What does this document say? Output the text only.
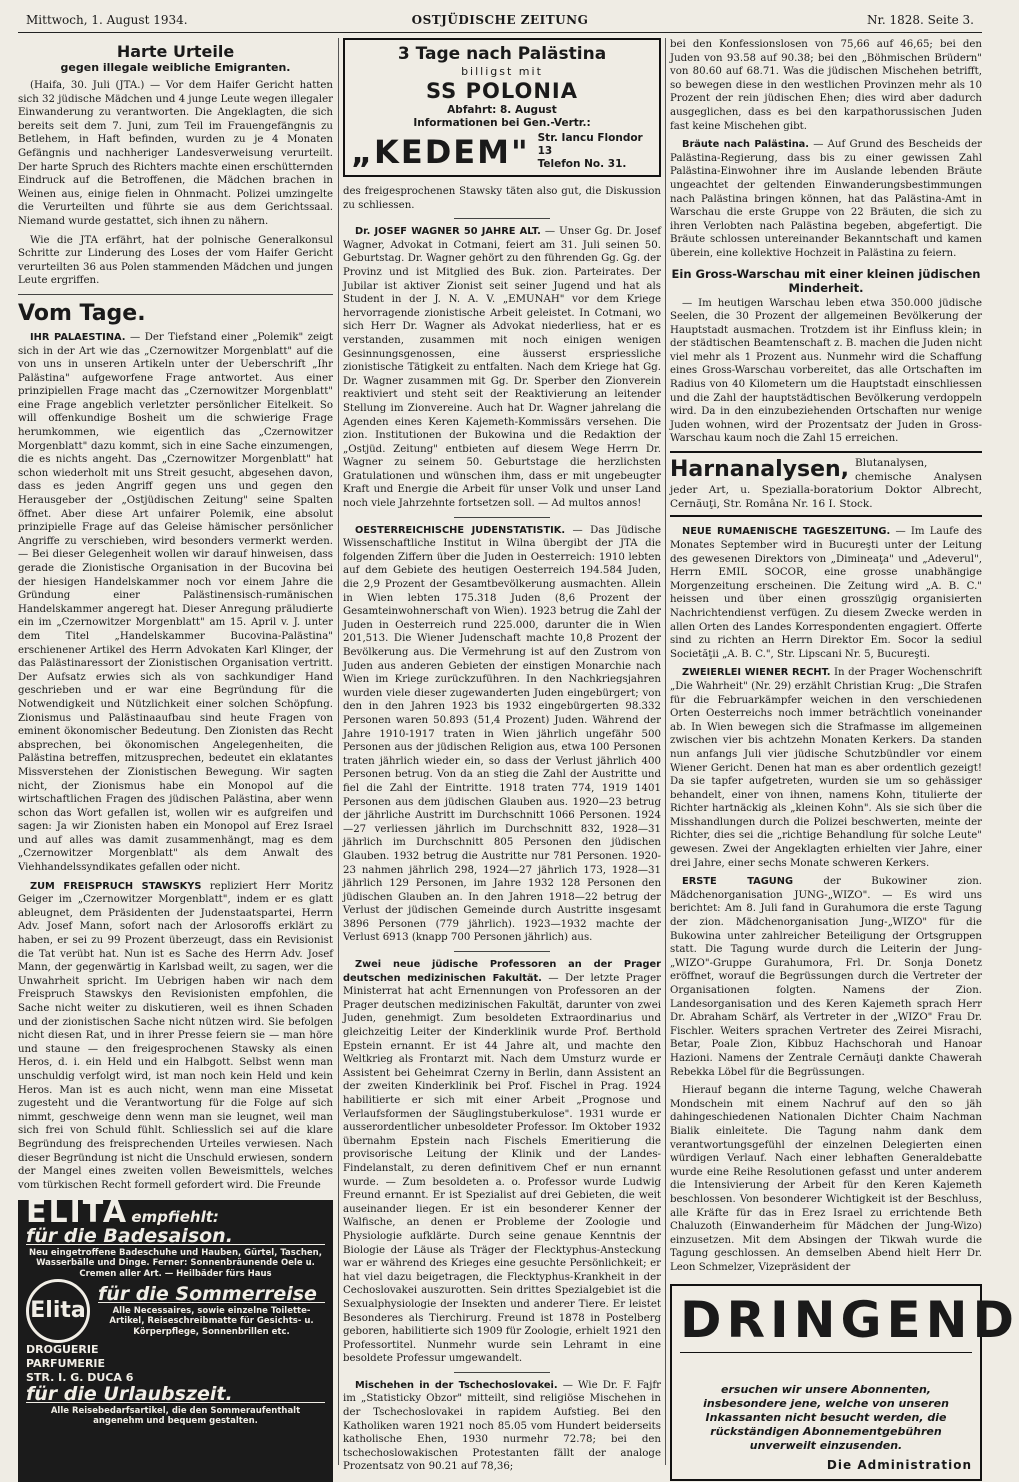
Mittwoch, 1. August 1934.	OSTJÜDISCHE ZEITUNG	Nr. 1828. Seite 3.
Harte Urteile
gegen illegale weibliche Emigranten.

(Haifa, 30. Juli (JTA.) — Vor dem Haifer Gericht hatten sich 32 jüdische Mädchen und 4 junge Leute wegen illegaler Einwanderung zu verantworten. Die Angeklagten, die sich bereits seit dem 7. Juni, zum Teil im Frauengefängnis zu Betlehem, in Haft befinden, wurden zu je 4 Monaten Gefängnis und nachheriger Landesverweisung verurteilt. Der harte Spruch des Richters machte einen erschütternden Eindruck auf die Betroffenen, die Mädchen brachen in Weinen aus, einige fielen in Ohnmacht. Polizei umzingelte die Verurteilten und führte sie aus dem Gerichtssaal. Niemand wurde gestattet, sich ihnen zu nähern.

Wie die JTA erfährt, hat der polnische Generalkonsul Schritte zur Linderung des Loses der vom Haifer Gericht verurteilten 36 aus Polen stammenden Mädchen und jungen Leute ergriffen.

Vom Tage.

IHR PALAESTINA. — Der Tiefstand einer „Polemik" zeigt sich in der Art wie das „Czernowitzer Morgenblatt" auf die von uns in unseren Artikeln unter der Ueberschrift „Ihr Palästina" aufgeworfene Frage antwortet. Aus einer prinzipiellen Frage macht das „Czernowitzer Morgenblatt" eine Frage angeblich verletzter persönlicher Eitelkeit. So will offenkundige Bosheit um die schwierige Frage herumkommen, wie eigentlich das „Czernowitzer Morgenblatt" dazu kommt, sich in eine Sache einzumengen, die es nichts angeht. Das „Czernowitzer Morgenblatt" hat schon wiederholt mit uns Streit gesucht, abgesehen davon, dass es jeden Angriff gegen uns und gegen den Herausgeber der „Ostjüdischen Zeitung" seine Spalten öffnet. Aber diese Art unfairer Polemik, eine absolut prinzipielle Frage auf das Geleise hämischer persönlicher Angriffe zu verschieben, wird besonders vermerkt werden. — Bei dieser Gelegenheit wollen wir darauf hinweisen, dass gerade die Zionistische Organisation in der Bucovina bei der hiesigen Handelskammer noch vor einem Jahre die Gründung einer Palästinensisch-rumänischen Handelskammer angeregt hat. Dieser Anregung präludierte ein im „Czernowitzer Morgenblatt" am 15. April v. J. unter dem Titel „Handelskammer Bucovina-Palästina" erschienener Artikel des Herrn Advokaten Karl Klinger, der das Palästinaressort der Zionistischen Organisation vertritt. Der Aufsatz erwies sich als von sachkundiger Hand geschrieben und er war eine Begründung für die Notwendigkeit und Nützlichkeit einer solchen Schöpfung. Zionismus und Palästinaaufbau sind heute Fragen von eminent ökonomischer Bedeutung. Den Zionisten das Recht absprechen, bei ökonomischen Angelegenheiten, die Palästina betreffen, mitzusprechen, bedeutet ein eklatantes Missverstehen der Zionistischen Bewegung. Wir sagten nicht, der Zionismus habe ein Monopol auf die wirtschaftlichen Fragen des jüdischen Palästina, aber wenn schon das Wort gefallen ist, wollen wir es aufgreifen und sagen: Ja wir Zionisten haben ein Monopol auf Erez Israel und auf alles was damit zusammenhängt, mag es dem „Czernowitzer Morgenblatt" als dem Anwalt des Viehhandelssyndikates gefallen oder nicht.

ZUM FREISPRUCH STAWSKYS repliziert Herr Moritz Geiger im „Czernowitzer Morgenblatt", indem er es glatt ableugnet, dem Präsidenten der Judenstaatspartei, Herrn Adv. Josef Mann, sofort nach der Arlosoroffs erklärt zu haben, er sei zu 99 Prozent überzeugt, dass ein Revisionist die Tat verübt hat. Nun ist es Sache des Herrn Adv. Josef Mann, der gegenwärtig in Karlsbad weilt, zu sagen, wer die Unwahrheit spricht. Im Uebrigen haben wir nach dem Freispruch Stawskys den Revisionisten empfohlen, die Sache nicht weiter zu diskutieren, weil es ihnen Schaden und der zionistischen Sache nicht nützen wird. Sie befolgen nicht diesen Rat, und in ihrer Presse feiern sie — man höre und staune — den freigesprochenen Stawsky als einen Heros, d. i. ein Held und ein Halbgott. Selbst wenn man unschuldig verfolgt wird, ist man noch kein Held und kein Heros. Man ist es auch nicht, wenn man eine Missetat zugesteht und die Verantwortung für die Folge auf sich nimmt, geschweige denn wenn man sie leugnet, weil man sich frei von Schuld fühlt. Schliesslich sei auf die klare Begründung des freisprechenden Urteiles verwiesen. Nach dieser Begründung ist nicht die Unschuld erwiesen, sondern der Mangel eines zweiten vollen Beweismittels, welches vom türkischen Recht formell gefordert wird. Die Freunde

ELITA empfiehlt:
für die Badesaison.
Neu eingetroffene Badeschuhe und Hauben, Gürtel, Taschen, Wasserbälle und Dinge. Ferner: Sonnenbräunende Oele u. Cremen aller Art. — Heilbäder fürs Haus
Elita
für die Sommerreise
Alle Necessaires, sowie einzelne Toilette-Artikel, Reiseschreibmatte für Gesichts- u. Körperpflege, Sonnenbrillen etc.
DROGUERIE
PARFUMERIE
STR. I. G. DUCA 6
für die Urlaubszeit.
Alle Reisebedarfsartikel, die den Sommeraufenthalt angenehm und bequem gestalten.
3 Tage nach Palästina
billigst mit
SS POLONIA
Abfahrt: 8. August
Informationen bei Gen.-Vertr.:
„KEDEM" Str. Iancu Flondor 13
Telefon No. 31.

des freigesprochenen Stawsky täten also gut, die Diskussion zu schliessen.

Dr. JOSEF WAGNER 50 JAHRE ALT. — Unser Gg. Dr. Josef Wagner, Advokat in Cotmani, feiert am 31. Juli seinen 50. Geburtstag. Dr. Wagner gehört zu den führenden Gg. Gg. der Provinz und ist Mitglied des Buk. zion. Parteirates. Der Jubilar ist aktiver Zionist seit seiner Jugend und hat als Student in der J. N. A. V. „EMUNAH" vor dem Kriege hervorragende zionistische Arbeit geleistet. In Cotmani, wo sich Herr Dr. Wagner als Advokat niederliess, hat er es verstanden, zusammen mit noch einigen wenigen Gesinnungsgenossen, eine äusserst erspriessliche zionistische Tätigkeit zu entfalten. Nach dem Kriege hat Gg. Dr. Wagner zusammen mit Gg. Dr. Sperber den Zionverein reaktiviert und steht seit der Reaktivierung an leitender Stellung im Zionvereine. Auch hat Dr. Wagner jahrelang die Agenden eines Keren Kajemeth-Kommissärs versehen. Die zion. Institutionen der Bukowina und die Redaktion der „Ostjüd. Zeitung" entbieten auf diesem Wege Herrn Dr. Wagner zu seinem 50. Geburtstage die herzlichsten Gratulationen und wünschen ihm, dass er mit ungebeugter Kraft und Energie die Arbeit für unser Volk und unser Land noch viele Jahrzehnte fortsetzen soll. — Ad multos annos!

OESTERREICHISCHE JUDENSTATISTIK. — Das Jüdische Wissenschaftliche Institut in Wilna übergibt der JTA die folgenden Ziffern über die Juden in Oesterreich: 1910 lebten auf dem Gebiete des heutigen Oesterreich 194.584 Juden, die 2,9 Prozent der Gesamtbevölkerung ausmachten. Allein in Wien lebten 175.318 Juden (8,6 Prozent der Gesamteinwohnerschaft von Wien). 1923 betrug die Zahl der Juden in Oesterreich rund 225.000, darunter die in Wien 201,513. Die Wiener Judenschaft machte 10,8 Prozent der Bevölkerung aus. Die Vermehrung ist auf den Zustrom von Juden aus anderen Gebieten der einstigen Monarchie nach Wien im Kriege zurückzuführen. In den Nachkriegsjahren wurden viele dieser zugewanderten Juden eingebürgert; von den in den Jahren 1923 bis 1932 eingebürgerten 98.332 Personen waren 50.893 (51,4 Prozent) Juden. Während der Jahre 1910-1917 traten in Wien jährlich ungefähr 500 Personen aus der jüdischen Religion aus, etwa 100 Personen traten jährlich wieder ein, so dass der Verlust jährlich 400 Personen betrug. Von da an stieg die Zahl der Austritte und fiel die Zahl der Eintritte. 1918 traten 774, 1919 1401 Personen aus dem jüdischen Glauben aus. 1920—23 betrug der jährliche Austritt im Durchschnitt 1066 Personen. 1924—27 verliessen jährlich im Durchschnitt 832, 1928—31 jährlich im Durchschnitt 805 Personen den jüdischen Glauben. 1932 betrug die Austritte nur 781 Personen. 1920-23 nahmen jährlich 298, 1924—27 jährlich 173, 1928—31 jährlich 129 Personen, im Jahre 1932 128 Personen den jüdischen Glauben an. In den Jahren 1918—22 betrug der Verlust der jüdischen Gemeinde durch Austritte insgesamt 3896 Personen (779 jährlich). 1923—1932 machte der Verlust 6913 (knapp 700 Personen jährlich) aus.

Zwei neue jüdische Professoren an der Prager deutschen medizinischen Fakultät. — Der letzte Prager Ministerrat hat acht Ernennungen von Professoren an der Prager deutschen medizinischen Fakultät, darunter von zwei Juden, genehmigt. Zum besoldeten Extraordinarius und gleichzeitig Leiter der Kinderklinik wurde Prof. Berthold Epstein ernannt. Er ist 44 Jahre alt, und machte den Weltkrieg als Frontarzt mit. Nach dem Umsturz wurde er Assistent bei Geheimrat Czerny in Berlin, dann Assistent an der zweiten Kinderklinik bei Prof. Fischel in Prag. 1924 habilitierte er sich mit einer Arbeit „Prognose und Verlaufsformen der Säuglingstuberkulose". 1931 wurde er ausserordentlicher unbesoldeter Professor. Im Oktober 1932 übernahm Epstein nach Fischels Emeritierung die provisorische Leitung der Klinik und der Landes-Findelanstalt, zu deren definitivem Chef er nun ernannt wurde. — Zum besoldeten a. o. Professor wurde Ludwig Freund ernannt. Er ist Spezialist auf drei Gebieten, die weit auseinander liegen. Er ist ein besonderer Kenner der Walfische, an denen er Probleme der Zoologie und Physiologie aufklärte. Durch seine genaue Kenntnis der Biologie der Läuse als Träger der Flecktyphus-Ansteckung war er während des Krieges eine gesuchte Persönlichkeit; er hat viel dazu beigetragen, die Flecktyphus-Krankheit in der Cechoslovakei auszurotten. Sein drittes Spezialgebiet ist die Sexualphysiologie der Insekten und anderer Tiere. Er leistet Besonderes als Tierchirurg. Freund ist 1878 in Postelberg geboren, habilitierte sich 1909 für Zoologie, erhielt 1921 den Professortitel. Nunmehr wurde sein Lehramt in eine besoldete Professur umgewandelt.

Mischehen in der Tschechoslovakei. — Wie Dr. F. Fajfr im „Statisticky Obzor" mitteilt, sind religiöse Mischehen in der Tschechoslovakei in rapidem Aufstieg. Bei den Katholiken waren 1921 noch 85.05 vom Hundert beiderseits katholische Ehen, 1930 nurmehr 72.78; bei den tschechoslowakischen Protestanten fällt der analoge Prozentsatz von 90.21 auf 78,36;

bei den Konfessionslosen von 75,66 auf 46,65; bei den Juden von 93.58 auf 90.38; bei den „Böhmischen Brüdern" von 80.60 auf 68.71. Was die jüdischen Mischehen betrifft, so bewegen diese in den westlichen Provinzen mehr als 10 Prozent der rein jüdischen Ehen; dies wird aber dadurch ausgeglichen, dass es bei den karpathorussischen Juden fast keine Mischehen gibt.

Bräute nach Palästina. — Auf Grund des Bescheids der Palästina-Regierung, dass bis zu einer gewissen Zahl Palästina-Einwohner ihre im Auslande lebenden Bräute ungeachtet der geltenden Einwanderungsbestimmungen nach Palästina bringen können, hat das Palästina-Amt in Warschau die erste Gruppe von 22 Bräuten, die sich zu ihren Verlobten nach Palästina begeben, abgefertigt. Die Bräute schlossen untereinander Bekanntschaft und kamen überein, eine kollektive Hochzeit in Palästina zu feiern.

Ein Gross-Warschau mit einer kleinen jüdischen Minderheit.

— Im heutigen Warschau leben etwa 350.000 jüdische Seelen, die 30 Prozent der allgemeinen Bevölkerung der Hauptstadt ausmachen. Trotzdem ist ihr Einfluss klein; in der städtischen Beamtenschaft z. B. machen die Juden nicht viel mehr als 1 Prozent aus. Nunmehr wird die Schaffung eines Gross-Warschau vorbereitet, das alle Ortschaften im Radius von 40 Kilometern um die Hauptstadt einschliessen und die Zahl der hauptstädtischen Bevölkerung verdoppeln wird. Da in den einzubeziehenden Ortschaften nur wenige Juden wohnen, wird der Prozentsatz der Juden in Gross-Warschau kaum noch die Zahl 15 erreichen.

Harnanalysen, Blutanalysen, chemische Analysen jeder Art, u. Spezialla-boratorium Doktor Albrecht, Cernăuţi, Str. Româna Nr. 16 I. Stock.

NEUE RUMAENISCHE TAGESZEITUNG. — Im Laufe des Monates September wird in Bucureşti unter der Leitung des gewesenen Direktors von „Dimineaţa" und „Adeverul", Herrn EMIL SOCOR, eine grosse unabhängige Morgenzeitung erscheinen. Die Zeitung wird „A. B. C." heissen und über einen grosszügig organisierten Nachrichtendienst verfügen. Zu diesem Zwecke werden in allen Orten des Landes Korrespondenten engagiert. Offerte sind zu richten an Herrn Direktor Em. Socor la sediul Societăţii „A. B. C.", Str. Lipscani Nr. 5, Bucureşti.

ZWEIERLEI WIENER RECHT. In der Prager Wochenschrift „Die Wahrheit" (Nr. 29) erzählt Christian Krug: „Die Strafen für die Februarkämpfer weichen in den verschiedenen Orten Oesterreichs noch immer beträchtlich voneinander ab. In Wien bewegen sich die Strafmasse im allgemeinen zwischen vier bis achtzehn Monaten Kerkers. Da standen nun anfangs Juli vier jüdische Schutzbündler vor einem Wiener Gericht. Denen hat man es aber ordentlich gezeigt! Da sie tapfer aufgetreten, wurden sie um so gehässiger behandelt, einer von ihnen, namens Kohn, titulierte der Richter hartnäckig als „kleinen Kohn". Als sie sich über die Misshandlungen durch die Polizei beschwerten, meinte der Richter, dies sei die „richtige Behandlung für solche Leute" gewesen. Zwei der Angeklagten erhielten vier Jahre, einer drei Jahre, einer sechs Monate schweren Kerkers.

ERSTE TAGUNG	der Bukowiner zion. Mädchenorganisation JUNG-„WIZO". — Es wird uns berichtet: Am 8. Juli fand in Gurahumora die erste Tagung der zion. Mädchenorganisation Jung-„WIZO" für die Bukowina unter zahlreicher Beteiligung der Ortsgruppen statt. Die Tagung wurde durch die Leiterin der Jung-„WIZO"-Gruppe Gurahumora, Frl. Dr. Sonja Donetz eröffnet, worauf die Begrüssungen durch die Vertreter der Organisationen folgten. Namens der Zion. Landesorganisation und des Keren Kajemeth sprach Herr Dr. Abraham Schärf, als Vertreter in der „WIZO" Frau Dr. Fischler. Weiters sprachen Vertreter des Zeirei Misrachi, Betar, Poale Zion, Kibbuz Hachschorah und Hanoar Hazioni. Namens der Zentrale Cernăuţi dankte Chawerah Rebekka Löbel für die Begrüssungen.

Hierauf begann die interne Tagung, welche Chawerah Mondschein mit einem Nachruf auf den so jäh dahingeschiedenen Nationalen Dichter Chaim Nachman Bialik einleitete. Die Tagung nahm dank dem verantwortungsgefühl der einzelnen Delegierten einen würdigen Verlauf. Nach einer lebhaften Generaldebatte wurde eine Reihe Resolutionen gefasst und unter anderem die Intensivierung der Arbeit für den Keren Kajemeth beschlossen. Von besonderer Wichtigkeit ist der Beschluss, alle Kräfte für das in Erez Israel zu errichtende Beth Chaluzoth (Einwanderheim für Mädchen der Jung-Wizo) einzusetzen. Mit dem Absingen der Tikwah wurde die Tagung geschlossen. An demselben Abend hielt Herr Dr. Leon Schmelzer, Vizepräsident der

DRINGEND
ersuchen wir unsere Abonnenten, insbesondere jene, welche von unseren Inkassanten nicht besucht werden, die rückständigen Abonnementgebühren unverweilt einzusenden.
Die Administration
